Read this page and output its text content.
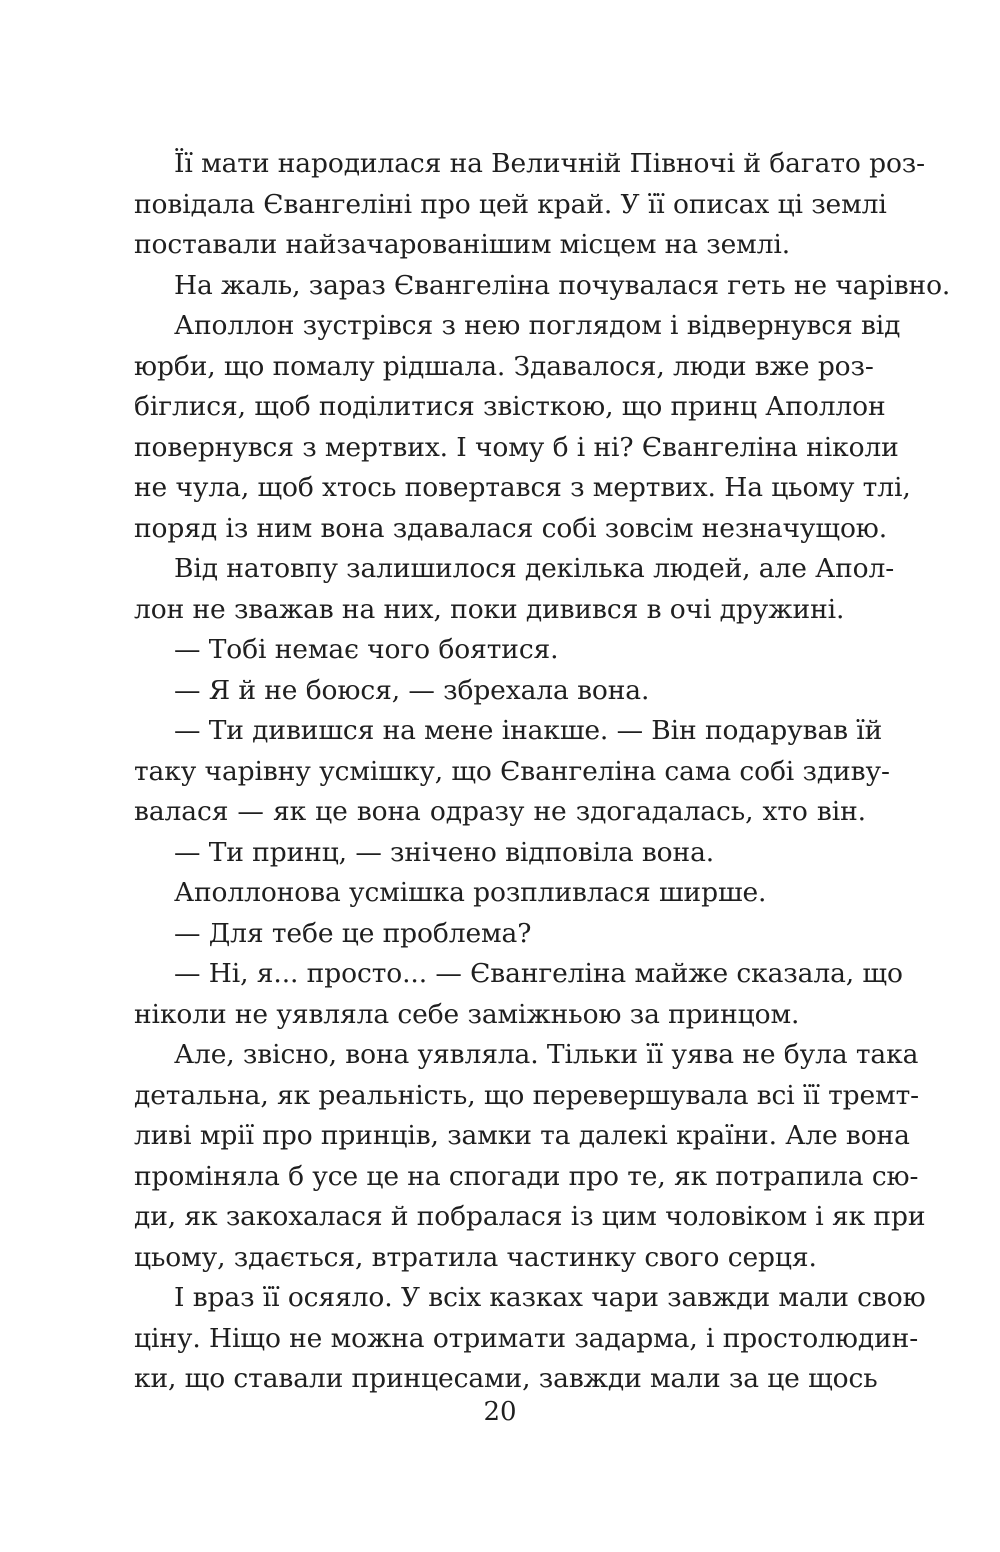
Її мати народилася на Величній Півночі й багато роз-
повідала Євангеліні про цей край. У її описах ці землі
поставали найзачарованішим місцем на землі.
На жаль, зараз Євангеліна почувалася геть не чарівно.
Аполлон зустрівся з нею поглядом і відвернувся від
юрби, що помалу рідшала. Здавалося, люди вже роз-
біглися, щоб поділитися звісткою, що принц Аполлон
повернувся з мертвих. І чому б і ні? Євангеліна ніколи
не чула, щоб хтось повертався з мертвих. На цьому тлі,
поряд із ним вона здавалася собі зовсім незначущою.
Від натовпу залишилося декілька людей, але Апол-
лон не зважав на них, поки дивився в очі дружині.
— Тобі немає чого боятися.
— Я й не боюся, — збрехала вона.
— Ти дивишся на мене інакше. — Він подарував їй
таку чарівну усмішку, що Євангеліна сама собі здиву-
валася — як це вона одразу не здогадалась, хто він.
— Ти принц, — знічено відповіла вона.
Аполлонова усмішка розпливлася ширше.
— Для тебе це проблема?
— Ні, я... просто... — Євангеліна майже сказала, що
ніколи не уявляла себе заміжньою за принцом.
Але, звісно, вона уявляла. Тільки її уява не була така
детальна, як реальність, що перевершувала всі її тремт-
ливі мрії про принців, замки та далекі країни. Але вона
проміняла б усе це на спогади про те, як потрапила сю-
ди, як закохалася й побралася із цим чоловіком і як при
цьому, здається, втратила частинку свого серця.
І враз її осяяло. У всіх казках чари завжди мали свою
ціну. Ніщо не можна отримати задарма, і простолюдин-
ки, що ставали принцесами, завжди мали за це щось
20
